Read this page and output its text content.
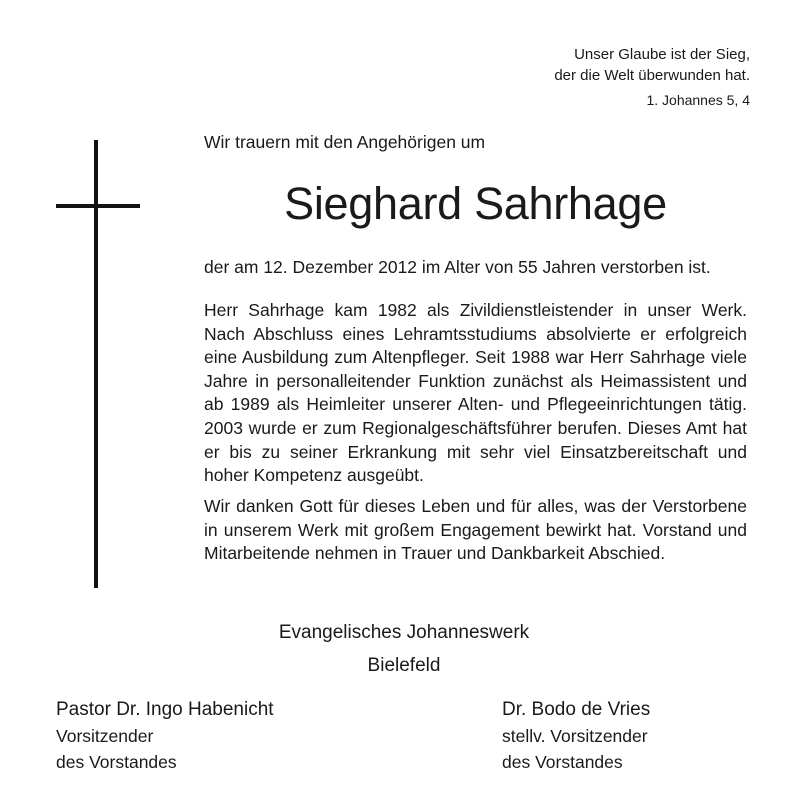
Unser Glaube ist der Sieg,
der die Welt überwunden hat.
1. Johannes 5, 4
Wir trauern mit den Angehörigen um
Sieghard Sahrhage
der am 12. Dezember 2012 im Alter von 55 Jahren verstorben ist.
Herr Sahrhage kam 1982 als Zivildienstleistender in unser Werk. Nach Abschluss eines Lehramtsstudiums absolvierte er erfolgreich eine Ausbildung zum Altenpfleger. Seit 1988 war Herr Sahrhage viele Jahre in personalleitender Funktion zunächst als Heimassistent und ab 1989 als Heimleiter unserer Alten- und Pflegeeinrichtungen tätig. 2003 wurde er zum Regionalgeschäftsführer berufen. Dieses Amt hat er bis zu seiner Erkrankung mit sehr viel Einsatzbereitschaft und hoher Kompetenz ausgeübt.
Wir danken Gott für dieses Leben und für alles, was der Verstorbene in unserem Werk mit großem Engagement bewirkt hat. Vorstand und Mitarbeitende nehmen in Trauer und Dankbarkeit Abschied.
Evangelisches Johanneswerk
Bielefeld
Pastor Dr. Ingo Habenicht
Vorsitzender
des Vorstandes
Dr. Bodo de Vries
stellv. Vorsitzender
des Vorstandes
